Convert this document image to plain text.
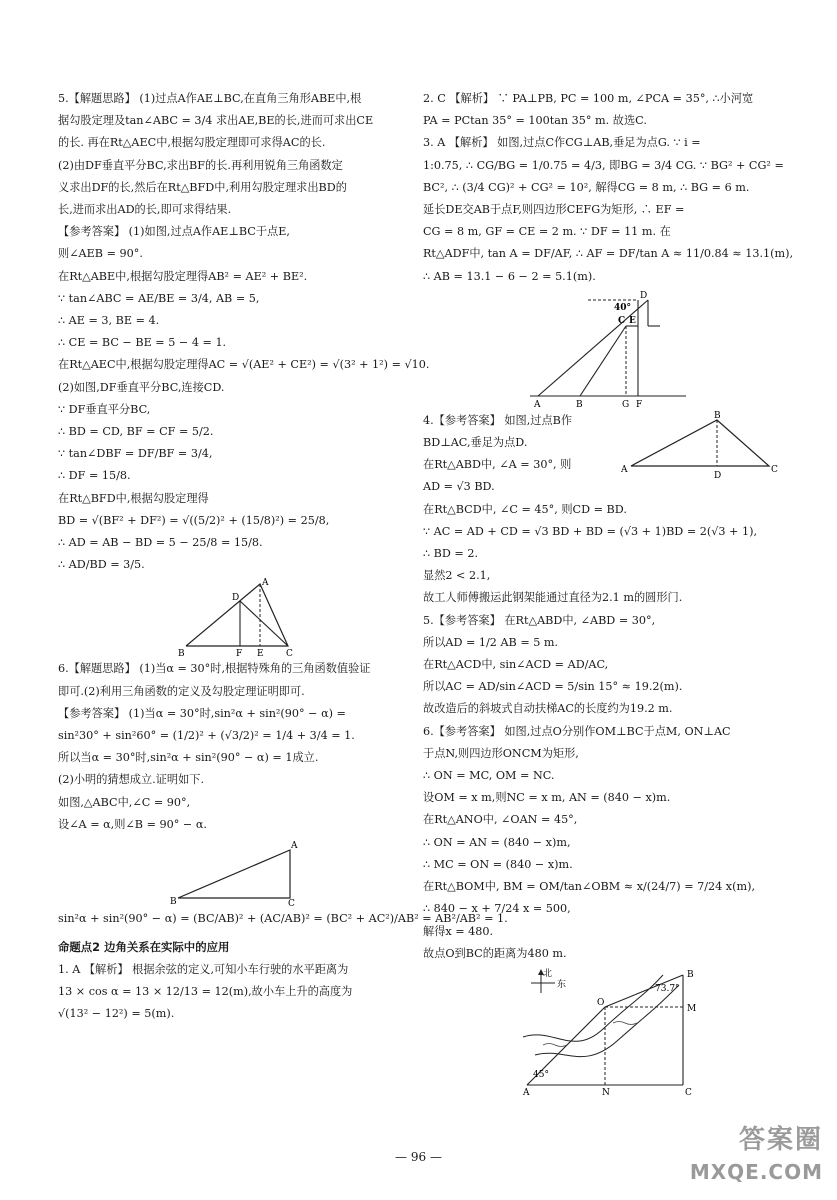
5.【解题思路】 (1)过点A作AE⊥BC,在直角三角形ABE中,根
据勾股定理及tan∠ABC = 3/4 求出AE,BE的长,进而可求出CE
的长. 再在Rt△AEC中,根据勾股定理即可求得AC的长.
(2)由DF垂直平分BC,求出BF的长.再利用锐角三角函数定
义求出DF的长,然后在Rt△BFD中,利用勾股定理求出BD的
长,进而求出AD的长,即可求得结果.
【参考答案】 (1)如图,过点A作AE⊥BC于点E,
则∠AEB = 90°.
在Rt△ABE中,根据勾股定理得AB² = AE² + BE².
∵ tan∠ABC = AE/BE = 3/4, AB = 5,
∴ AE = 3, BE = 4.
∴ CE = BC − BE = 5 − 4 = 1.
在Rt△AEC中,根据勾股定理得AC = √(AE² + CE²) = √(3² + 1²) = √10.
(2)如图,DF垂直平分BC,连接CD.
∵ DF垂直平分BC,
∴ BD = CD, BF = CF = 5/2.
∵ tan∠DBF = DF/BF = 3/4,
∴ DF = 15/8.
在Rt△BFD中,根据勾股定理得
BD = √(BF² + DF²) = √((5/2)² + (15/8)²) = 25/8,
∴ AD = AB − BD = 5 − 25/8 = 15/8.
∴ AD/BD = 3/5.
A
D
B	F E C
6.【解题思路】 (1)当α = 30°时,根据特殊角的三角函数值验证
即可.(2)利用三角函数的定义及勾股定理证明即可.
【参考答案】 (1)当α = 30°时,sin²α + sin²(90° − α) =
sin²30° + sin²60° = (1/2)² + (√3/2)² = 1/4 + 3/4 = 1.
所以当α = 30°时,sin²α + sin²(90° − α) = 1成立.
(2)小明的猜想成立.证明如下.
如图,△ABC中,∠C = 90°,
设∠A = α,则∠B = 90° − α.
A
B	C
sin²α + sin²(90° − α) = (BC/AB)² + (AC/AB)² = (BC² + AC²)/AB² = AB²/AB² = 1.
命题点2 边角关系在实际中的应用
1. A 【解析】 根据余弦的定义,可知小车行驶的水平距离为
13 × cos α = 13 × 12/13 = 12(m),故小车上升的高度为
√(13² − 12²) = 5(m).
2. C 【解析】 ∵ PA⊥PB, PC = 100 m, ∠PCA = 35°, ∴小河宽
PA = PCtan 35° = 100tan 35° m. 故选C.
3. A 【解析】 如图,过点C作CG⊥AB,垂足为点G. ∵ i =
1:0.75, ∴ CG/BG = 1/0.75 = 4/3, 即BG = 3/4 CG. ∵ BG² + CG² =
BC², ∴ (3/4 CG)² + CG² = 10², 解得CG = 8 m, ∴ BG = 6 m.
延长DE交AB于点F,则四边形CEFG为矩形, ∴ EF =
CG = 8 m, GF = CE = 2 m. ∵ DF = 11 m. 在
Rt△ADF中, tan A = DF/AF, ∴ AF = DF/tan A ≈ 11/0.84 ≈ 13.1(m),
∴ AB = 13.1 − 6 − 2 = 5.1(m).
D
40°
C E
A	B	G F
4.【参考答案】 如图,过点B作
BD⊥AC,垂足为点D.
在Rt△ABD中, ∠A = 30°, 则
AD = √3 BD.
在Rt△BCD中, ∠C = 45°, 则CD = BD.
∵ AC = AD + CD = √3 BD + BD = (√3 + 1)BD = 2(√3 + 1),
∴ BD = 2.
显然2 < 2.1,
故工人师傅搬运此钢架能通过直径为2.1 m的圆形门.
5.【参考答案】 在Rt△ABD中, ∠ABD = 30°,
所以AD = 1/2 AB = 5 m.
在Rt△ACD中, sin∠ACD = AD/AC,
所以AC = AD/sin∠ACD = 5/sin 15° ≈ 19.2(m).
故改造后的斜坡式自动扶梯AC的长度约为19.2 m.
6.【参考答案】 如图,过点O分别作OM⊥BC于点M, ON⊥AC
于点N,则四边形ONCM为矩形,
∴ ON = MC, OM = NC.
设OM = x m,则NC = x m, AN = (840 − x)m.
在Rt△ANO中, ∠OAN = 45°,
∴ ON = AN = (840 − x)m,
∴ MC = ON = (840 − x)m.
在Rt△BOM中, BM = OM/tan∠OBM ≈ x/(24/7) = 7/24 x(m),
∴ 840 − x + 7/24 x = 500,
解得x = 480.
故点O到BC的距离为480 m.
B
A
D
C
北
东
O
B
73.7°
M
45°
A	N	C
— 96 —
答案圈
MXQE.COM
